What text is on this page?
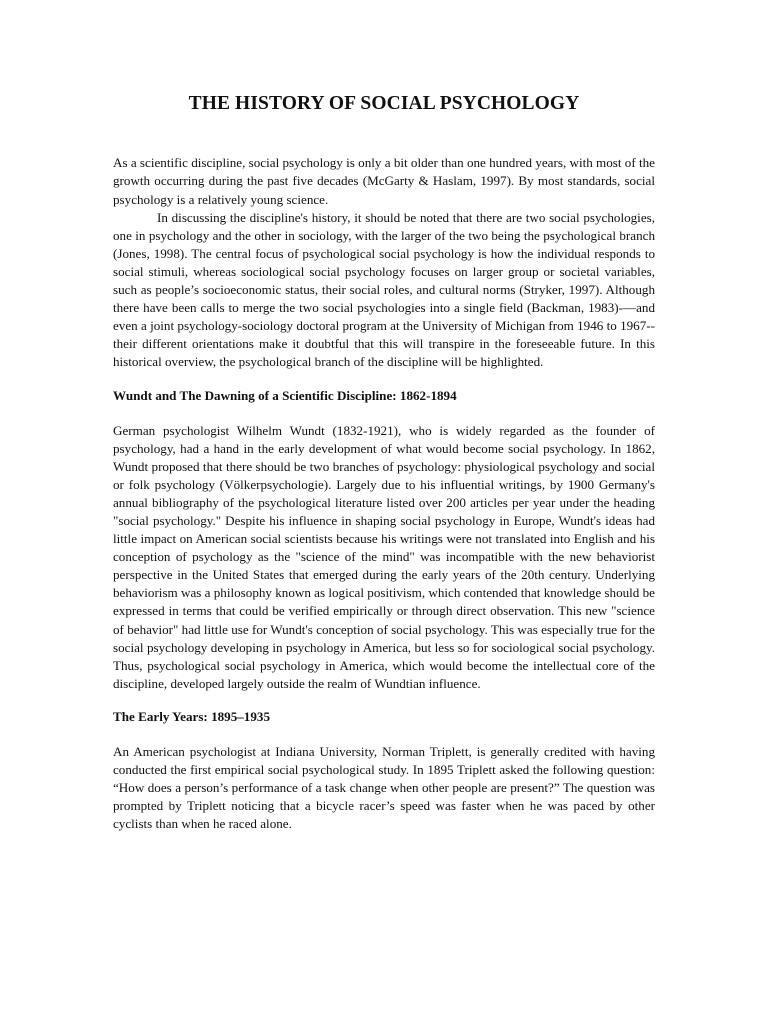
THE HISTORY OF SOCIAL PSYCHOLOGY

As a scientific discipline, social psychology is only a bit older than one hundred years, with most of the growth occurring during the past five decades (McGarty & Haslam, 1997). By most standards, social psychology is a relatively young science.

In discussing the discipline's history, it should be noted that there are two social psychologies, one in psychology and the other in sociology, with the larger of the two being the psychological branch (Jones, 1998). The central focus of psychological social psychology is how the individual responds to social stimuli, whereas sociological social psychology focuses on larger group or societal variables, such as people’s socioeconomic status, their social roles, and cultural norms (Stryker, 1997). Although there have been calls to merge the two social psychologies into a single field (Backman, 1983)-—and even a joint psychology-sociology doctoral program at the University of Michigan from 1946 to 1967--their different orientations make it doubtful that this will transpire in the foreseeable future. In this historical overview, the psychological branch of the discipline will be highlighted.

Wundt and The Dawning of a Scientific Discipline: 1862-1894

German psychologist Wilhelm Wundt (1832-1921), who is widely regarded as the founder of psychology, had a hand in the early development of what would become social psychology. In 1862, Wundt proposed that there should be two branches of psychology: physiological psychology and social or folk psychology (Völkerpsychologie). Largely due to his influential writings, by 1900 Germany's annual bibliography of the psychological literature listed over 200 articles per year under the heading "social psychology." Despite his influence in shaping social psychology in Europe, Wundt's ideas had little impact on American social scientists because his writings were not translated into English and his conception of psychology as the "science of the mind" was incompatible with the new behaviorist perspective in the United States that emerged during the early years of the 20th century. Underlying behaviorism was a philosophy known as logical positivism, which contended that knowledge should be expressed in terms that could be verified empirically or through direct observation. This new "science of behavior" had little use for Wundt's conception of social psychology. This was especially true for the social psychology developing in psychology in America, but less so for sociological social psychology. Thus, psychological social psychology in America, which would become the intellectual core of the discipline, developed largely outside the realm of Wundtian influence.

The Early Years: 1895–1935

An American psychologist at Indiana University, Norman Triplett, is generally credited with having conducted the first empirical social psychological study. In 1895 Triplett asked the following question: “How does a person’s performance of a task change when other people are present?” The question was prompted by Triplett noticing that a bicycle racer’s speed was faster when he was paced by other cyclists than when he raced alone.
